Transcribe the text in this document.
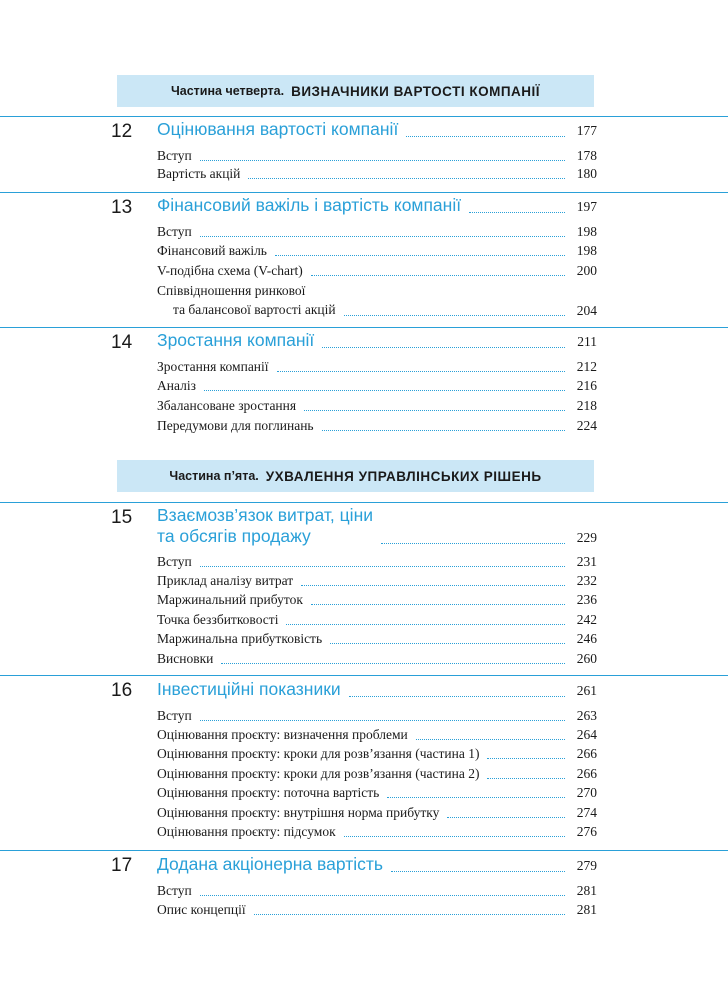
Частина четверта. ВИЗНАЧНИКИ ВАРТОСТІ КОМПАНІЇ
12 Оцінювання вартості компанії	177
Вступ	178
Вартість акцій	180
13 Фінансовий важіль і вартість компанії	197
Вступ	198
Фінансовий важіль	198
V-подібна схема (V-chart)	200
Співвідношення ринкової
та балансової вартості акцій	204
14 Зростання компанії	211
Зростання компанії	212
Аналіз	216
Збалансоване зростання	218
Передумови для поглинань	224
Частина п’ята. УХВАЛЕННЯ УПРАВЛІНСЬКИХ РІШЕНЬ
15 Взаємозв’язок витрат, ціни
та обсягів продажу	229
Вступ	231
Приклад аналізу витрат	232
Маржинальний прибуток	236
Точка беззбитковості	242
Маржинальна прибутковість	246
Висновки	260
16 Інвестиційні показники	261
Вступ	263
Оцінювання проєкту: визначення проблеми	264
Оцінювання проєкту: кроки для розв’язання (частина 1)	266
Оцінювання проєкту: кроки для розв’язання (частина 2)	266
Оцінювання проєкту: поточна вартість	270
Оцінювання проєкту: внутрішня норма прибутку	274
Оцінювання проєкту: підсумок	276
17 Додана акціонерна вартість	279
Вступ	281
Опис концепції	281
